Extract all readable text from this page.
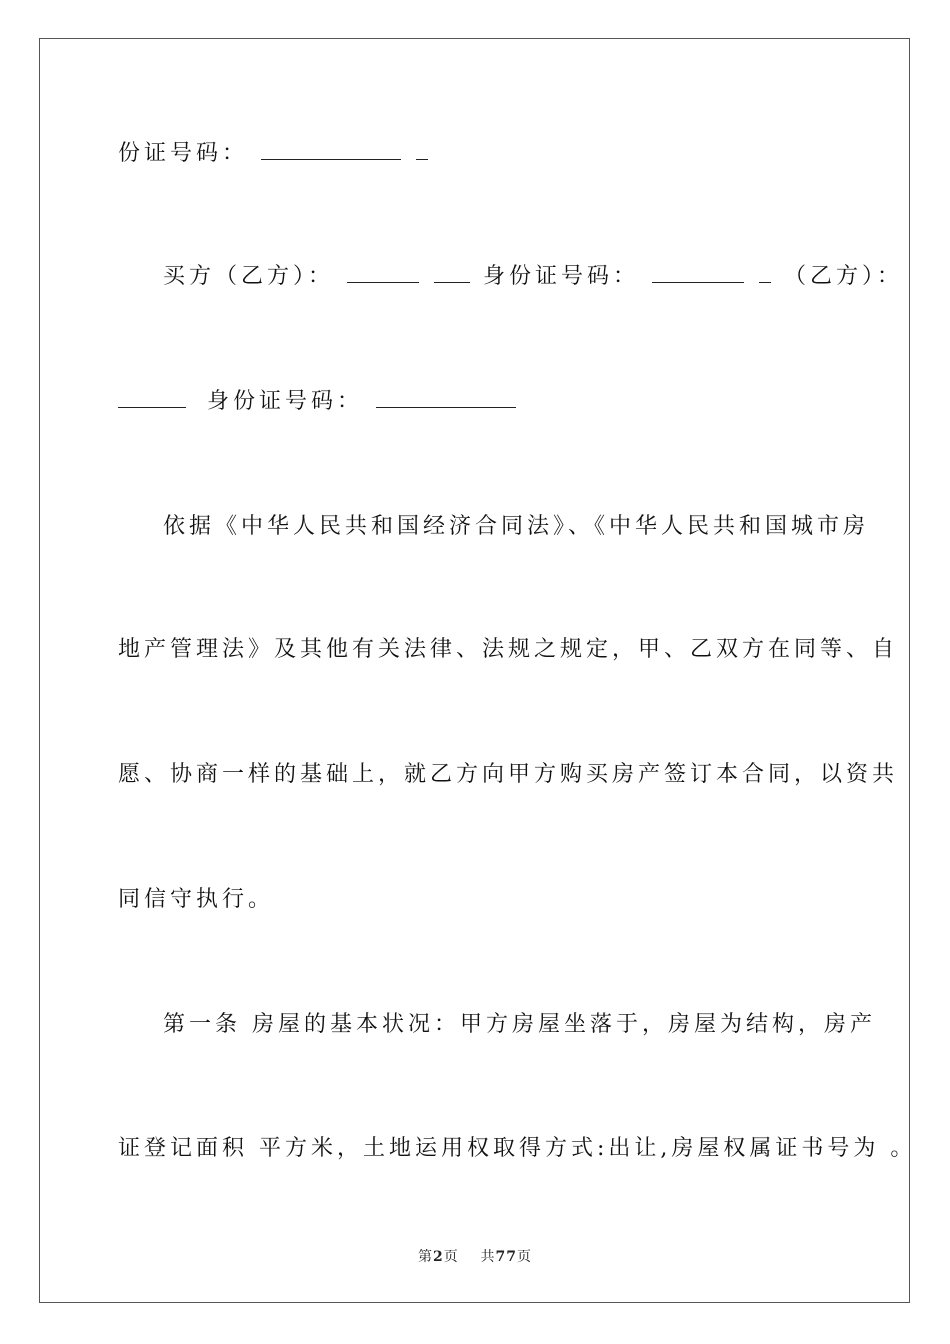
份证号码：
买方（乙方）：	身份证号码：	（乙方）：
身份证号码：
依据《中华人民共和国经济合同法》、《中华人民共和国城市房
地产管理法》及其他有关法律、法规之规定，甲、乙双方在同等、自
愿、协商一样的基础上，就乙方向甲方购买房产签订本合同，以资共
同信守执行。
第一条 房屋的基本状况：甲方房屋坐落于，房屋为结构，房产
证登记面积 平方米，土地运用权取得方式:出让,房屋权属证书号为 。
第2页 共77页
